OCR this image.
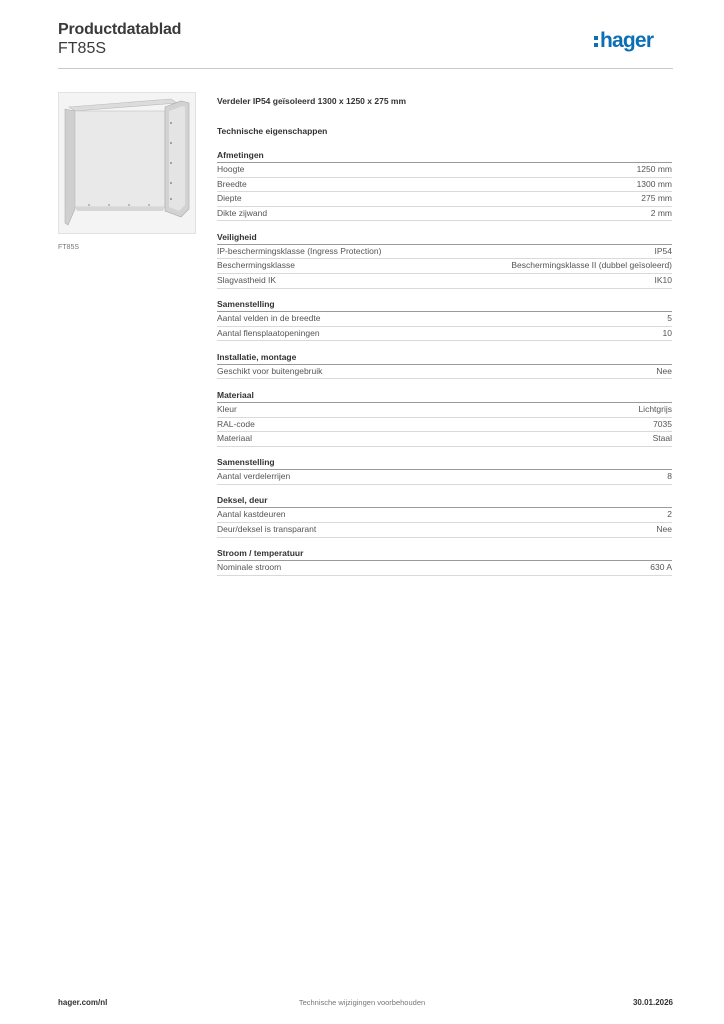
Productdatablad
FT85S	hager
FT85S
Verdeler IP54 geïsoleerd 1300 x 1250 x 275 mm
Technische eigenschappen
Afmetingen
Hoogte	1250 mm
Breedte	1300 mm
Diepte	275 mm
Dikte zijwand	2 mm
Veiligheid
IP-beschermingsklasse (Ingress Protection)	IP54
Beschermingsklasse	Beschermingsklasse II (dubbel geïsoleerd)
Slagvastheid IK	IK10
Samenstelling
Aantal velden in de breedte	5
Aantal flensplaatopeningen	10
Installatie, montage
Geschikt voor buitengebruik	Nee
Materiaal
Kleur	Lichtgrijs
RAL-code	7035
Materiaal	Staal
Samenstelling
Aantal verdelerrijen	8
Deksel, deur
Aantal kastdeuren	2
Deur/deksel is transparant	Nee
Stroom / temperatuur
Nominale stroom	630 A
hager.com/nl	Technische wijzigingen voorbehouden	30.01.2026
